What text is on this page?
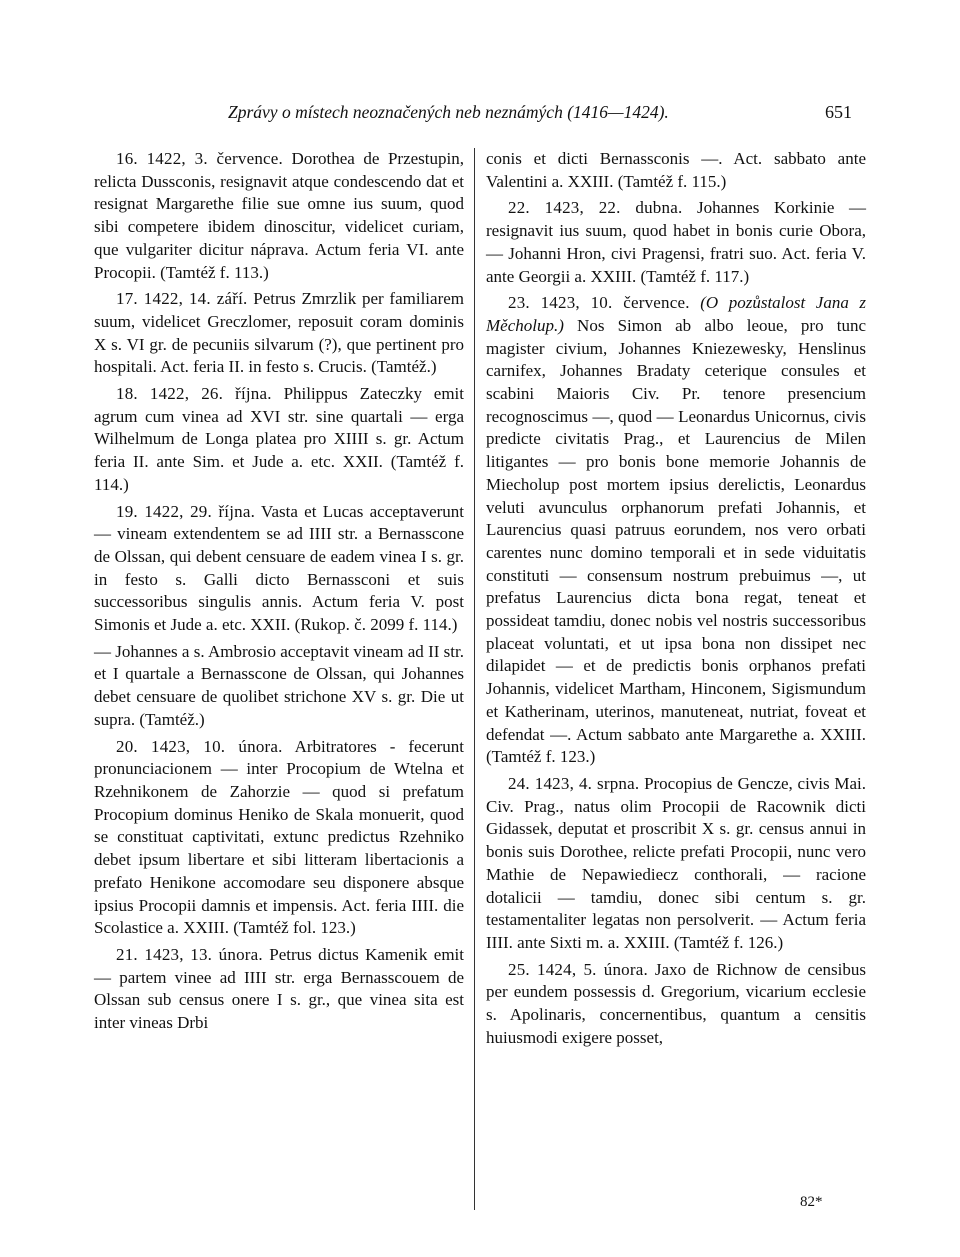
Zprávy o místech neoznačených neb neznámých (1416—1424).	651

16. 1422, 3. července. Dorothea de Przestupin, relicta Dussconis, resignavit atque condescendo dat et resignat Margarethe filie sue omne ius suum, quod sibi competere ibidem dinoscitur, videlicet curiam, que vulgariter dicitur náprava. Actum feria VI. ante Procopii. (Tamtéž f. 113.)

17. 1422, 14. září. Petrus Zmrzlik per familiarem suum, videlicet Greczlomer, reposuit coram dominis X s. VI gr. de pecuniis silvarum (?), que pertinent pro hospitali. Act. feria II. in festo s. Crucis. (Tamtéž.)

18. 1422, 26. října. Philippus Zateczky emit agrum cum vinea ad XVI str. sine quartali — erga Wilhelmum de Longa platea pro XIIII s. gr. Actum feria II. ante Sim. et Jude a. etc. XXII. (Tamtéž f. 114.)

19. 1422, 29. října. Vasta et Lucas acceptaverunt — vineam extendentem se ad IIII str. a Bernasscone de Olssan, qui debent censuare de eadem vinea I s. gr. in festo s. Galli dicto Bernassconi et suis successoribus singulis annis. Actum feria V. post Simonis et Jude a. etc. XXII. (Rukop. č. 2099 f. 114.)

— Johannes a s. Ambrosio acceptavit vineam ad II str. et I quartale a Bernasscone de Olssan, qui Johannes debet censuare de quolibet strichone XV s. gr. Die ut supra. (Tamtéž.)

20. 1423, 10. února. Arbitratores - fecerunt pronunciacionem — inter Procopium de Wtelna et Rzehnikonem de Zahorzie — quod si prefatum Procopium dominus Heniko de Skala monuerit, quod se constituat captivitati, extunc predictus Rzehniko debet ipsum libertare et sibi litteram libertacionis a prefato Henikone accomodare seu disponere absque ipsius Procopii damnis et impensis. Act. feria IIII. die Scolastice a. XXIII. (Tamtéž fol. 123.)

21. 1423, 13. února. Petrus dictus Kamenik emit — partem vinee ad IIII str. erga Bernasscouem de Olssan sub census onere I s. gr., que vinea sita est inter vineas Drbi

conis et dicti Bernassconis —. Act. sabbato ante Valentini a. XXIII. (Tamtéž f. 115.)

22. 1423, 22. dubna. Johannes Korkinie — resignavit ius suum, quod habet in bonis curie Obora, — Johanni Hron, civi Pragensi, fratri suo. Act. feria V. ante Georgii a. XXIII. (Tamtéž f. 117.)

23. 1423, 10. července. (O pozůstalost Jana z Měcholup.) Nos Simon ab albo leoue, pro tunc magister civium, Johannes Kniezewesky, Henslinus carnifex, Johannes Bradaty ceterique consules et scabini Maioris Civ. Pr. tenore presencium recognoscimus —, quod — Leonardus Unicornus, civis predicte civitatis Prag., et Laurencius de Milen litigantes — pro bonis bone memorie Johannis de Miecholup post mortem ipsius derelictis, Leonardus veluti avunculus orphanorum prefati Johannis, et Laurencius quasi patruus eorundem, nos vero orbati carentes nunc domino temporali et in sede viduitatis constituti — consensum nostrum prebuimus —, ut prefatus Laurencius dicta bona regat, teneat et possideat tamdiu, donec nobis vel nostris successoribus placeat voluntati, et ut ipsa bona non dissipet nec dilapidet — et de predictis bonis orphanos prefati Johannis, videlicet Martham, Hinconem, Sigismundum et Katherinam, uterinos, manuteneat, nutriat, foveat et defendat —. Actum sabbato ante Margarethe a. XXIII. (Tamtéž f. 123.)

24. 1423, 4. srpna. Procopius de Gencze, civis Mai. Civ. Prag., natus olim Procopii de Racownik dicti Gidassek, deputat et proscribit X s. gr. census annui in bonis suis Dorothee, relicte prefati Procopii, nunc vero Mathie de Nepawiediecz conthorali, — racione dotalicii — tamdiu, donec sibi centum s. gr. testamentaliter legatas non persolverit. — Actum feria IIII. ante Sixti m. a. XXIII. (Tamtéž f. 126.)

25. 1424, 5. února. Jaxo de Richnow de censibus per eundem possessis d. Gregorium, vicarium ecclesie s. Apolinaris, concernentibus, quantum a censitis huiusmodi exigere posset,

82*
